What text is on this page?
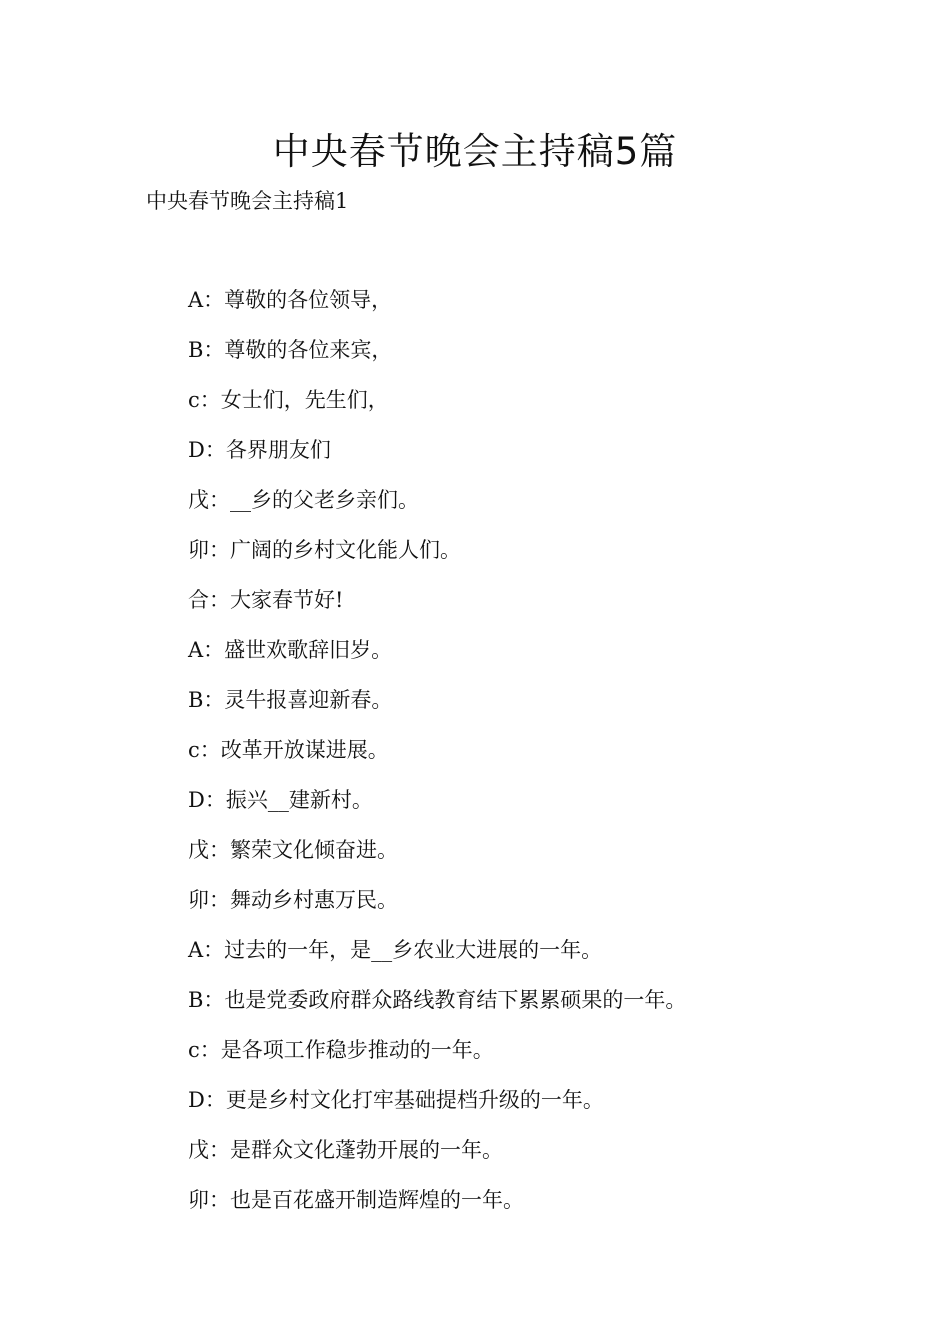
中央春节晚会主持稿5篇

中央春节晚会主持稿1

A：尊敬的各位领导，
B：尊敬的各位来宾，
c：女士们，先生们，
D：各界朋友们
戊：__乡的父老乡亲们。
卯：广阔的乡村文化能人们。
合：大家春节好!
A：盛世欢歌辞旧岁。
B：灵牛报喜迎新春。
c：改革开放谋进展。
D：振兴__建新村。
戊：繁荣文化倾奋进。
卯：舞动乡村惠万民。
A：过去的一年，是__乡农业大进展的一年。
B：也是党委政府群众路线教育结下累累硕果的一年。
c：是各项工作稳步推动的一年。
D：更是乡村文化打牢基础提档升级的一年。
戊：是群众文化蓬勃开展的一年。
卯：也是百花盛开制造辉煌的一年。
